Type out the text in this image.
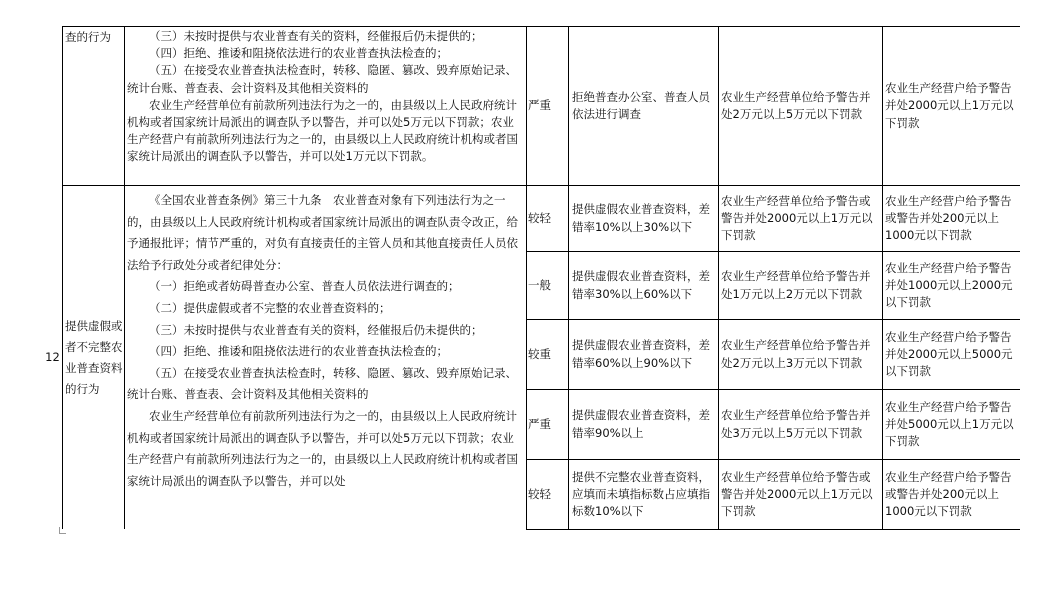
查的行为	（三）未按时提供与农业普查有关的资料，经催报后仍未提供的；

（四）拒绝、推诿和阻挠依法进行的农业普查执法检查的；

（五）在接受农业普查执法检查时，转移、隐匿、篡改、毁弃原始记录、统计台账、普查表、会计资料及其他相关资料的

农业生产经营单位有前款所列违法行为之一的，由县级以上人民政府统计机构或者国家统计局派出的调查队予以警告，并可以处5万元以下罚款；农业生产经营户有前款所列违法行为之一的，由县级以上人民政府统计机构或者国家统计局派出的调查队予以警告，并可以处1万元以下罚款。

严重
拒绝普查办公室、普查人员依法进行调查
农业生产经营单位给予警告并处2万元以上5万元以下罚款
农业生产经营户给予警告并处2000元以上1万元以下罚款
12
提供虚假或者不完整农业普查资料的行为

《全国农业普查条例》第三十九条　农业普查对象有下列违法行为之一的，由县级以上人民政府统计机构或者国家统计局派出的调查队责令改正，给予通报批评；情节严重的，对负有直接责任的主管人员和其他直接责任人员依法给予行政处分或者纪律处分：

（一）拒绝或者妨碍普查办公室、普查人员依法进行调查的；

（二）提供虚假或者不完整的农业普查资料的；

（三）未按时提供与农业普查有关的资料，经催报后仍未提供的；

（四）拒绝、推诿和阻挠依法进行的农业普查执法检查的；

（五）在接受农业普查执法检查时，转移、隐匿、篡改、毁弃原始记录、统计台账、普查表、会计资料及其他相关资料的

农业生产经营单位有前款所列违法行为之一的，由县级以上人民政府统计机构或者国家统计局派出的调查队予以警告，并可以处5万元以下罚款；农业生产经营户有前款所列违法行为之一的，由县级以上人民政府统计机构或者国家统计局派出的调查队予以警告，并可以处

较轻
提供虚假农业普查资料，差错率10%以上30%以下
农业生产经营单位给予警告或警告并处2000元以上1万元以下罚款
农业生产经营户给予警告或警告并处200元以上1000元以下罚款
一般
提供虚假农业普查资料，差错率30%以上60%以下
农业生产经营单位给予警告并处1万元以上2万元以下罚款
农业生产经营户给予警告并处1000元以上2000元以下罚款
较重
提供虚假农业普查资料，差错率60%以上90%以下
农业生产经营单位给予警告并处2万元以上3万元以下罚款
农业生产经营户给予警告并处2000元以上5000元以下罚款
严重
提供虚假农业普查资料，差错率90%以上
农业生产经营单位给予警告并处3万元以上5万元以下罚款
农业生产经营户给予警告并处5000元以上1万元以下罚款
较轻
提供不完整农业普查资料，应填而未填指标数占应填指标数10%以下
农业生产经营单位给予警告或警告并处2000元以上1万元以下罚款
农业生产经营户给予警告或警告并处200元以上1000元以下罚款
